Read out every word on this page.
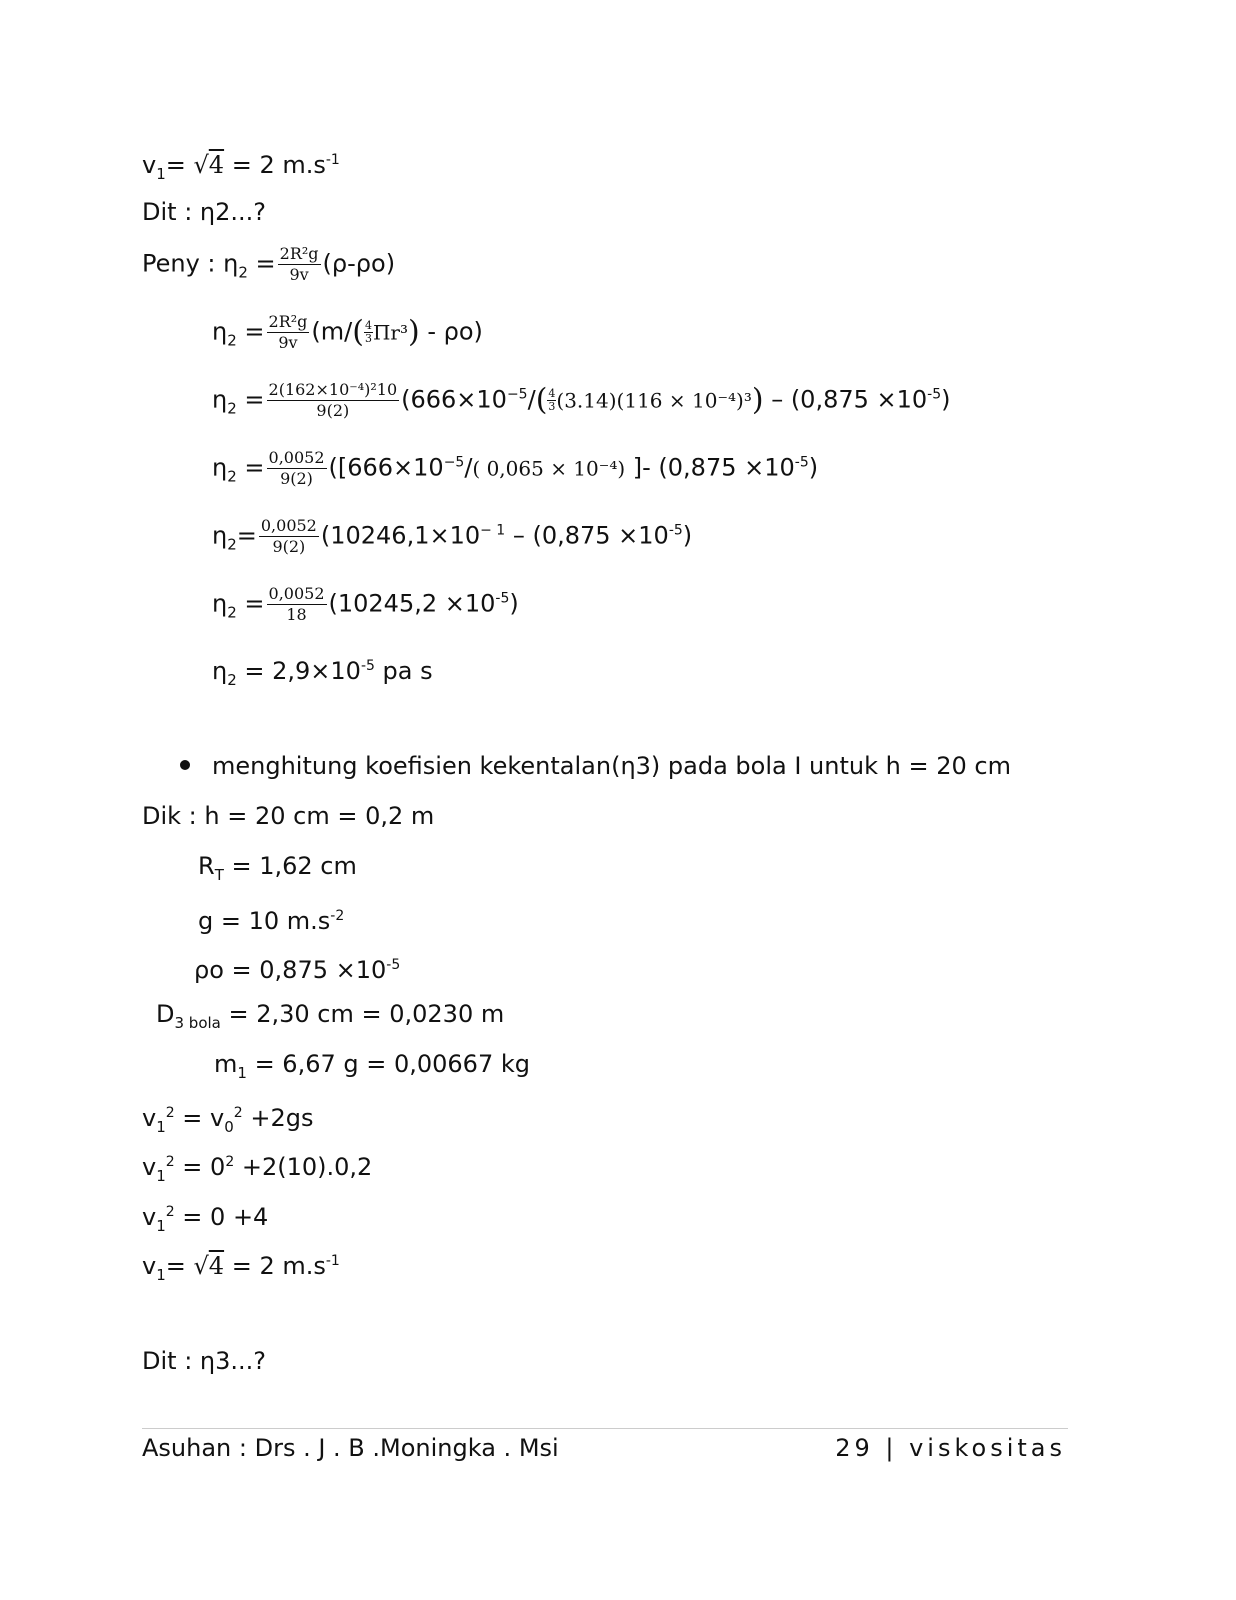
$v_1= √4 = 2$ $m.s^{-1}$
Dit : η2...?
Peny : $\eta_2 = \frac{\text{2R²g}}{9v} (\rho-\rho o)$
$\eta_2 = \frac{\text{2R²g}}{9v} (m/( \frac{4}{3} \Pi r^3) - \rho o)$
$\eta_2 = \frac{\text{2(162×10⁻⁴)²10}}{9(2)} (666\times 10^{-5}/( \frac{4}{3} (3.14)(116 \times 10^{-4})^3) - (0,875 \times 10^{-5})$
$\eta_2 = \frac{0,0052}{9(2)} ([666\times 10^{-5}/$( 0,065 × 10⁻⁴) ]- $(0,875 \times 10^{-5})$
$\eta_2= \frac{0,0052}{9(2)} (10246,1\times 10^{- 1} - (0,875 \times 10^{-5})$
$\eta_2 = \frac{0,0052}{18} (10245,2 \times 10^{-5})$
$\eta_2 = 2,9\times 10^{-5}$ pa s
menghitung koefisien kekentalan(η3) pada bola I untuk h = 20 cm
Dik : h = 20 cm = 0,2 m
$R_T = 1,62$ cm
g = 10 $m.s^{-2}$
$\rho o = 0,875 \times 10^{-5}$
$D_{3 bola} = 2,30$ cm = 0,0230 m
$m_1 = 6,67$ g = 0,00667 kg
$v_1^2 = v_0^2 +2gs$
$v_1^2 = 0^2 +2(10).0,2$
$v_1^2 = 0 +4$
$v_1= √4 = 2$ $m.s^{-1}$
Dit : η3...?
Asuhan : Drs . J . B .Moningka . Msi	29 | viskositas
